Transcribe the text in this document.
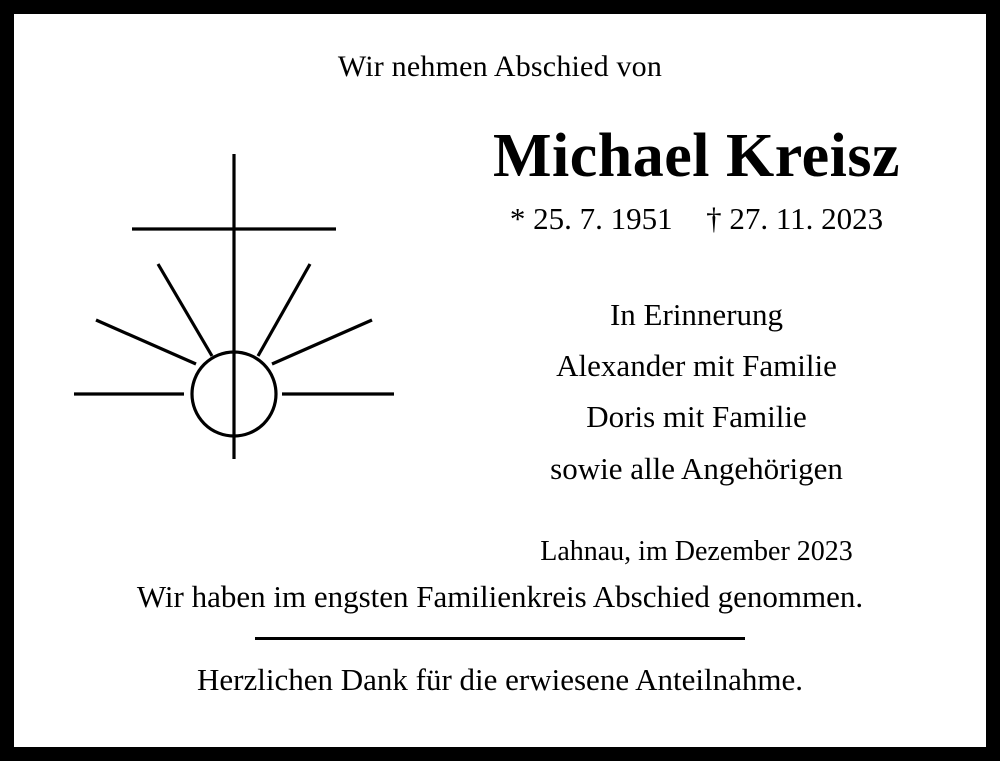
Wir nehmen Abschied von
Michael Kreisz
* 25. 7. 1951 † 27. 11. 2023
In Erinnerung
Alexander mit Familie
Doris mit Familie
sowie alle Angehörigen
Lahnau, im Dezember 2023
Wir haben im engsten Familienkreis Abschied genommen.
Herzlichen Dank für die erwiesene Anteilnahme.
